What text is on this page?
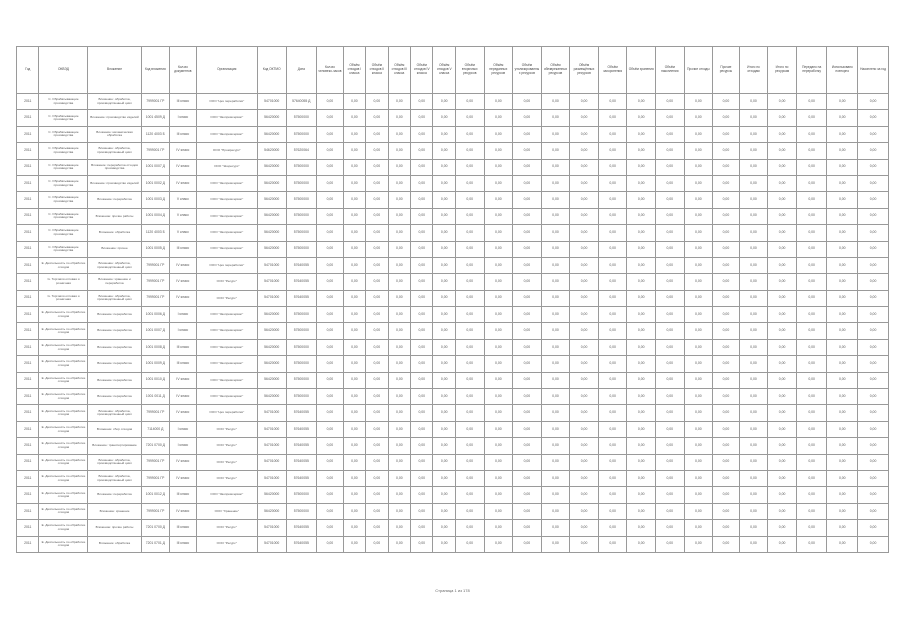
Год	ОКВЭД	Вложение	Код вложения	Кол-во документов	Организация	Код ОКТМО	Дата	Кол-во человеко-часов	Объём отходов I класса	Объём отходов II класса	Объём отходов III класса	Объём отходов IV класса	Объём отходов V класса	Объём вторичных ресурсов	Объём переданных ресурсов	Объём утилизированных ресурсов	Объём обезвреженных ресурсов	Объём размещённых ресурсов	Объём захоронения	Объём хранения	Объём накопления	Прочие отходы	Прочие ресурсы	Итого по отходам	Итого по ресурсам	Передано на переработку	Использовано повторно	Накоплено за год
2011	С. Обрабатывающие производства	Вложение: обработка, производственный цикл	7999001 ГР	III класс	ООО "Цех переработки"	54701000	57640055 Д	0,00	0,00	0,00	0,00	0,00	0,00	0,00	0,00	0,00	0,00	0,00	0,00	0,00	0,00	0,00	0,00	0,00	0,00	0,00	0,00	0,00
2011	С. Обрабатывающие производства	Вложение: производство изделий	1001 4509 Д	I класс	ООО "Экопромсервис"	56420000	57500000	0,00	0,00	0,00	0,00	0,00	0,00	0,00	0,00	0,00	0,00	0,00	0,00	0,00	0,00	0,00	0,00	0,00	0,00	0,00	0,00	0,00
2011	С. Обрабатывающие производства	Вложение: механическая обработка	1120 4003 Б	III класс	ООО "Экопромсервис"	56420000	57500000	0,00	0,00	0,00	0,00	0,00	0,00	0,00	0,00	0,00	0,00	0,00	0,00	0,00	0,00	0,00	0,00	0,00	0,00	0,00	0,00	0,00
2011	С. Обрабатывающие производства	Вложение: обработка, производственный цикл	7999001 ГР	IV класс	ООО "Промресурс"	54620000	57620064	0,00	0,00	0,00	0,00	0,00	0,00	0,00	0,00	0,00	0,00	0,00	0,00	0,00	0,00	0,00	0,00	0,00	0,00	0,00	0,00	0,00
2011	С. Обрабатывающие производства	Вложение: переработка отходов производства	1001 0007 Д	IV класс	ООО "Экоресурс"	56420000	57500000	0,00	0,00	0,00	0,00	0,00	0,00	0,00	0,00	0,00	0,00	0,00	0,00	0,00	0,00	0,00	0,00	0,00	0,00	0,00	0,00	0,00
2011	С. Обрабатывающие производства	Вложение: производство изделий	1001 0002 Д	IV класс	ООО "Экопромсервис"	56420000	57500000	0,00	0,00	0,00	0,00	0,00	0,00	0,00	0,00	0,00	0,00	0,00	0,00	0,00	0,00	0,00	0,00	0,00	0,00	0,00	0,00	0,00
2011	С. Обрабатывающие производства	Вложение: переработка	1001 0003 Д	V класс	ООО "Экопромсервис"	56420000	57500000	0,00	0,00	0,00	0,00	0,00	0,00	0,00	0,00	0,00	0,00	0,00	0,00	0,00	0,00	0,00	0,00	0,00	0,00	0,00	0,00	0,00
2011	С. Обрабатывающие производства	Вложение: прочие работы	1001 0004 Д	V класс	ООО "Экопромсервис"	56420000	57500000	0,00	0,00	0,00	0,00	0,00	0,00	0,00	0,00	0,00	0,00	0,00	0,00	0,00	0,00	0,00	0,00	0,00	0,00	0,00	0,00	0,00
2011	С. Обрабатывающие производства	Вложение: обработка	1120 4003 Б	V класс	ООО "Экопромсервис"	56420000	57500000	0,00	0,00	0,00	0,00	0,00	0,00	0,00	0,00	0,00	0,00	0,00	0,00	0,00	0,00	0,00	0,00	0,00	0,00	0,00	0,00	0,00
2011	С. Обрабатывающие производства	Вложение: прочее	1001 0005 Д	III класс	ООО "Экопромсервис"	56420000	57500000	0,00	0,00	0,00	0,00	0,00	0,00	0,00	0,00	0,00	0,00	0,00	0,00	0,00	0,00	0,00	0,00	0,00	0,00	0,00	0,00	0,00
2011	Е. Деятельность по обработке отходов	Вложение: обработка, производственный цикл	7999001 ГР	IV класс	ООО "Цех переработки"	54701000	57640055	0,00	0,00	0,00	0,00	0,00	0,00	0,00	0,00	0,00	0,00	0,00	0,00	0,00	0,00	0,00	0,00	0,00	0,00	0,00	0,00	0,00
2011	G. Торговля оптовая и розничная	Вложение: хранение и переработка	7999001 ГР	IV класс	ООО "Ресурс"	54701000	57640055	0,00	0,00	0,00	0,00	0,00	0,00	0,00	0,00	0,00	0,00	0,00	0,00	0,00	0,00	0,00	0,00	0,00	0,00	0,00	0,00	0,00
2011	G. Торговля оптовая и розничная	Вложение: обработка, производственный цикл	7999001 ГР	IV класс	ООО "Ресурс"	54701000	57640055	0,00	0,00	0,00	0,00	0,00	0,00	0,00	0,00	0,00	0,00	0,00	0,00	0,00	0,00	0,00	0,00	0,00	0,00	0,00	0,00	0,00
2011	Е. Деятельность по обработке отходов	Вложение: переработка	1001 0006 Д	I класс	ООО "Экопромсервис"	56420000	57500000	0,00	0,00	0,00	0,00	0,00	0,00	0,00	0,00	0,00	0,00	0,00	0,00	0,00	0,00	0,00	0,00	0,00	0,00	0,00	0,00	0,00
2011	Е. Деятельность по обработке отходов	Вложение: переработка	1001 0007 Д	I класс	ООО "Экопромсервис"	56420000	57500000	0,00	0,00	0,00	0,00	0,00	0,00	0,00	0,00	0,00	0,00	0,00	0,00	0,00	0,00	0,00	0,00	0,00	0,00	0,00	0,00	0,00
2011	Е. Деятельность по обработке отходов	Вложение: переработка	1001 0008 Д	III класс	ООО "Экопромсервис"	56420000	57500000	0,00	0,00	0,00	0,00	0,00	0,00	0,00	0,00	0,00	0,00	0,00	0,00	0,00	0,00	0,00	0,00	0,00	0,00	0,00	0,00	0,00
2011	Е. Деятельность по обработке отходов	Вложение: переработка	1001 0009 Д	III класс	ООО "Экопромсервис"	56420000	57500000	0,00	0,00	0,00	0,00	0,00	0,00	0,00	0,00	0,00	0,00	0,00	0,00	0,00	0,00	0,00	0,00	0,00	0,00	0,00	0,00	0,00
2011	Е. Деятельность по обработке отходов	Вложение: переработка	1001 0010 Д	IV класс	ООО "Экопромсервис"	56420000	57500000	0,00	0,00	0,00	0,00	0,00	0,00	0,00	0,00	0,00	0,00	0,00	0,00	0,00	0,00	0,00	0,00	0,00	0,00	0,00	0,00	0,00
2011	Е. Деятельность по обработке отходов	Вложение: переработка	1001 0011 Д	IV класс	ООО "Экопромсервис"	56420000	57500000	0,00	0,00	0,00	0,00	0,00	0,00	0,00	0,00	0,00	0,00	0,00	0,00	0,00	0,00	0,00	0,00	0,00	0,00	0,00	0,00	0,00
2011	Е. Деятельность по обработке отходов	Вложение: обработка, производственный цикл	7999001 ГР	IV класс	ООО "Цех переработки"	54701000	57640055	0,00	0,00	0,00	0,00	0,00	0,00	0,00	0,00	0,00	0,00	0,00	0,00	0,00	0,00	0,00	0,00	0,00	0,00	0,00	0,00	0,00
2011	Е. Деятельность по обработке отходов	Вложение: сбор отходов	7114000 Д	I класс	ООО "Ресурс"	54701000	57640055	0,00	0,00	0,00	0,00	0,00	0,00	0,00	0,00	0,00	0,00	0,00	0,00	0,00	0,00	0,00	0,00	0,00	0,00	0,00	0,00	0,00
2011	Е. Деятельность по обработке отходов	Вложение: транспортирование	7201 0700 Д	I класс	ООО "Ресурс"	54701000	57640055	0,00	0,00	0,00	0,00	0,00	0,00	0,00	0,00	0,00	0,00	0,00	0,00	0,00	0,00	0,00	0,00	0,00	0,00	0,00	0,00	0,00
2011	Е. Деятельность по обработке отходов	Вложение: обработка, производственный цикл	7999001 ГР	IV класс	ООО "Ресурс"	54701000	57640055	0,00	0,00	0,00	0,00	0,00	0,00	0,00	0,00	0,00	0,00	0,00	0,00	0,00	0,00	0,00	0,00	0,00	0,00	0,00	0,00	0,00
2011	Е. Деятельность по обработке отходов	Вложение: обработка, производственный цикл	7999001 ГР	IV класс	ООО "Ресурс"	54701000	57640055	0,00	0,00	0,00	0,00	0,00	0,00	0,00	0,00	0,00	0,00	0,00	0,00	0,00	0,00	0,00	0,00	0,00	0,00	0,00	0,00	0,00
2011	Е. Деятельность по обработке отходов	Вложение: переработка	1001 0012 Д	III класс	ООО "Экопромсервис"	56420000	57500000	0,00	0,00	0,00	0,00	0,00	0,00	0,00	0,00	0,00	0,00	0,00	0,00	0,00	0,00	0,00	0,00	0,00	0,00	0,00	0,00	0,00
2011	Е. Деятельность по обработке отходов	Вложение: хранение	7999001 ГР	IV класс	ООО "Хранение"	56420000	57500000	0,00	0,00	0,00	0,00	0,00	0,00	0,00	0,00	0,00	0,00	0,00	0,00	0,00	0,00	0,00	0,00	0,00	0,00	0,00	0,00	0,00
2011	Е. Деятельность по обработке отходов	Вложение: прочие работы	7201 0700 Д	III класс	ООО "Ресурс"	54701000	57640055	0,00	0,00	0,00	0,00	0,00	0,00	0,00	0,00	0,00	0,00	0,00	0,00	0,00	0,00	0,00	0,00	0,00	0,00	0,00	0,00	0,00
2011	Е. Деятельность по обработке отходов	Вложение: обработка	7201 0701 Д	III класс	ООО "Ресурс"	54701000	57640055	0,00	0,00	0,00	0,00	0,00	0,00	0,00	0,00	0,00	0,00	0,00	0,00	0,00	0,00	0,00	0,00	0,00	0,00	0,00	0,00	0,00
Страница 1 из 178
